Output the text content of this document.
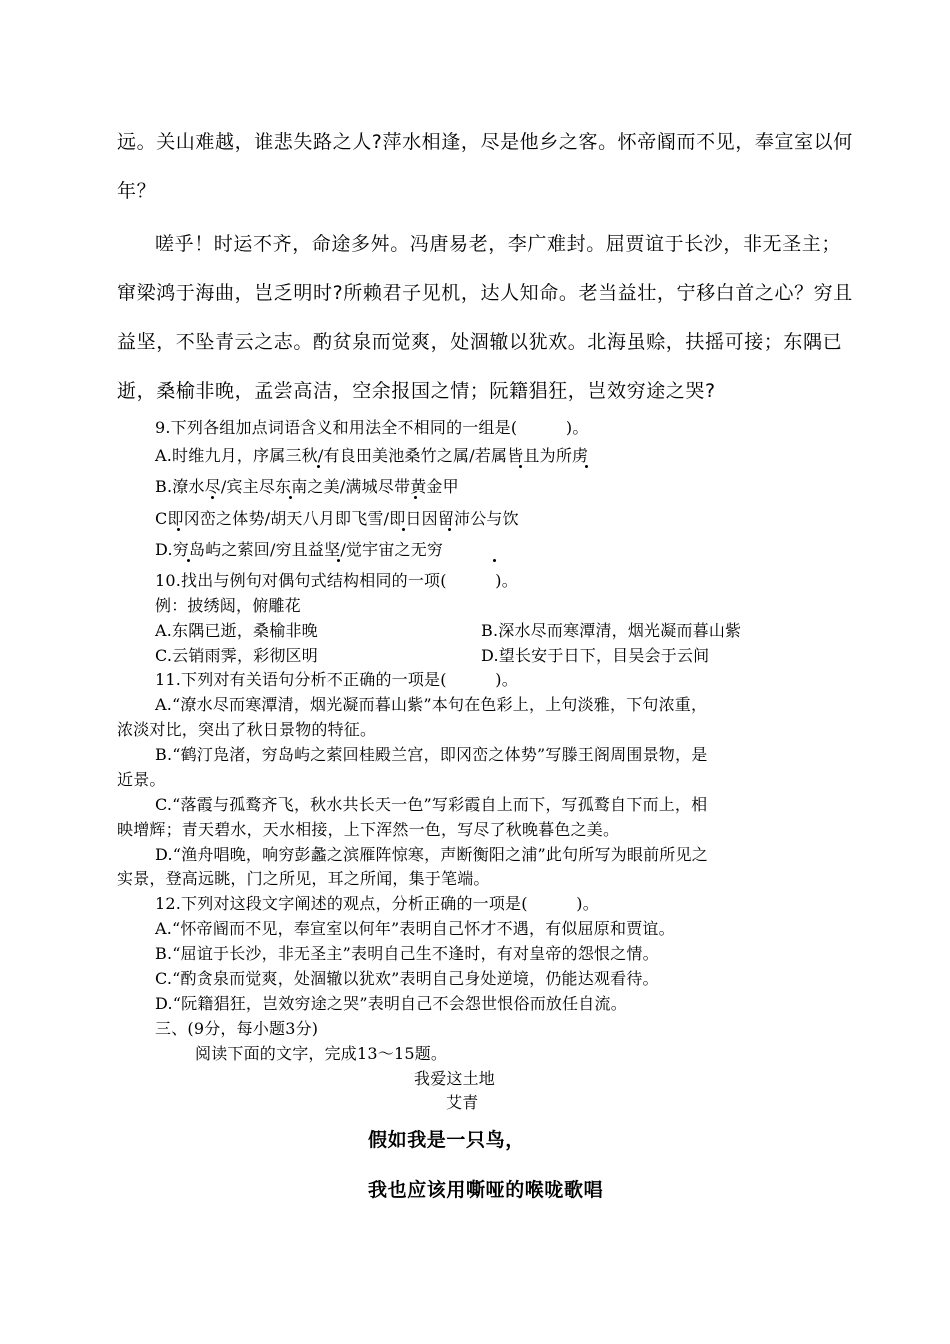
远。关山难越，谁悲失路之人?萍水相逢，尽是他乡之客。怀帝阍而不见，奉宣室以何
年？
嗟乎！时运不齐，命途多舛。冯唐易老，李广难封。屈贾谊于长沙，非无圣主；
窜梁鸿于海曲，岂乏明时?所赖君子见机，达人知命。老当益壮，宁移白首之心？穷且
益坚，不坠青云之志。酌贫泉而觉爽，处涸辙以犹欢。北海虽赊，扶摇可接；东隅已
逝，桑榆非晚，孟尝高洁，空余报国之情；阮籍猖狂，岂效穷途之哭?
9.下列各组加点词语含义和用法全不相同的一组是(　　　)。
A.时维九月，序属三秋/有良田美池桑竹之属/若属皆且为所虏
B.潦水尽/宾主尽东南之美/满城尽带黄金甲
C即冈峦之体势/胡天八月即飞雪/即日因留沛公与饮
D.穷岛屿之萦回/穷且益坚/觉宇宙之无穷
10.找出与例句对偶句式结构相同的一项(　　　)。
例：披绣闼，俯雕花
A.东隅已逝，桑榆非晚	B.深水尽而寒潭清，烟光凝而暮山紫
C.云销雨霁，彩彻区明	D.望长安于日下，目吴会于云间
11.下列对有关语句分析不正确的一项是(　　　)。
A.“潦水尽而寒潭清，烟光凝而暮山紫”本句在色彩上，上句淡雅，下句浓重，
浓淡对比，突出了秋日景物的特征。
B.“鹤汀凫渚，穷岛屿之萦回桂殿兰宫，即冈峦之体势”写滕王阁周围景物，是
近景。
C.“落霞与孤鹜齐飞，秋水共长天一色”写彩霞自上而下，写孤鹜自下而上，相
映增辉；青天碧水，天水相接，上下浑然一色，写尽了秋晚暮色之美。
D.“渔舟唱晚，响穷彭蠡之滨雁阵惊寒，声断衡阳之浦”此句所写为眼前所见之
实景，登高远眺，门之所见，耳之所闻，集于笔端。
12.下列对这段文字阐述的观点，分析正确的一项是(　　　)。
A.“怀帝阍而不见，奉宣室以何年”表明自己怀才不遇，有似屈原和贾谊。
B.“屈谊于长沙，非无圣主”表明自己生不逢时，有对皇帝的怨恨之情。
C.“酌贪泉而觉爽，处涸辙以犹欢”表明自己身处逆境，仍能达观看待。
D.“阮籍猖狂，岂效穷途之哭”表明自己不会怨世恨俗而放任自流。
三、(9分，每小题3分)
阅读下面的文字，完成13～15题。
我爱这土地
艾青
假如我是一只鸟，
我也应该用嘶哑的喉咙歌唱
